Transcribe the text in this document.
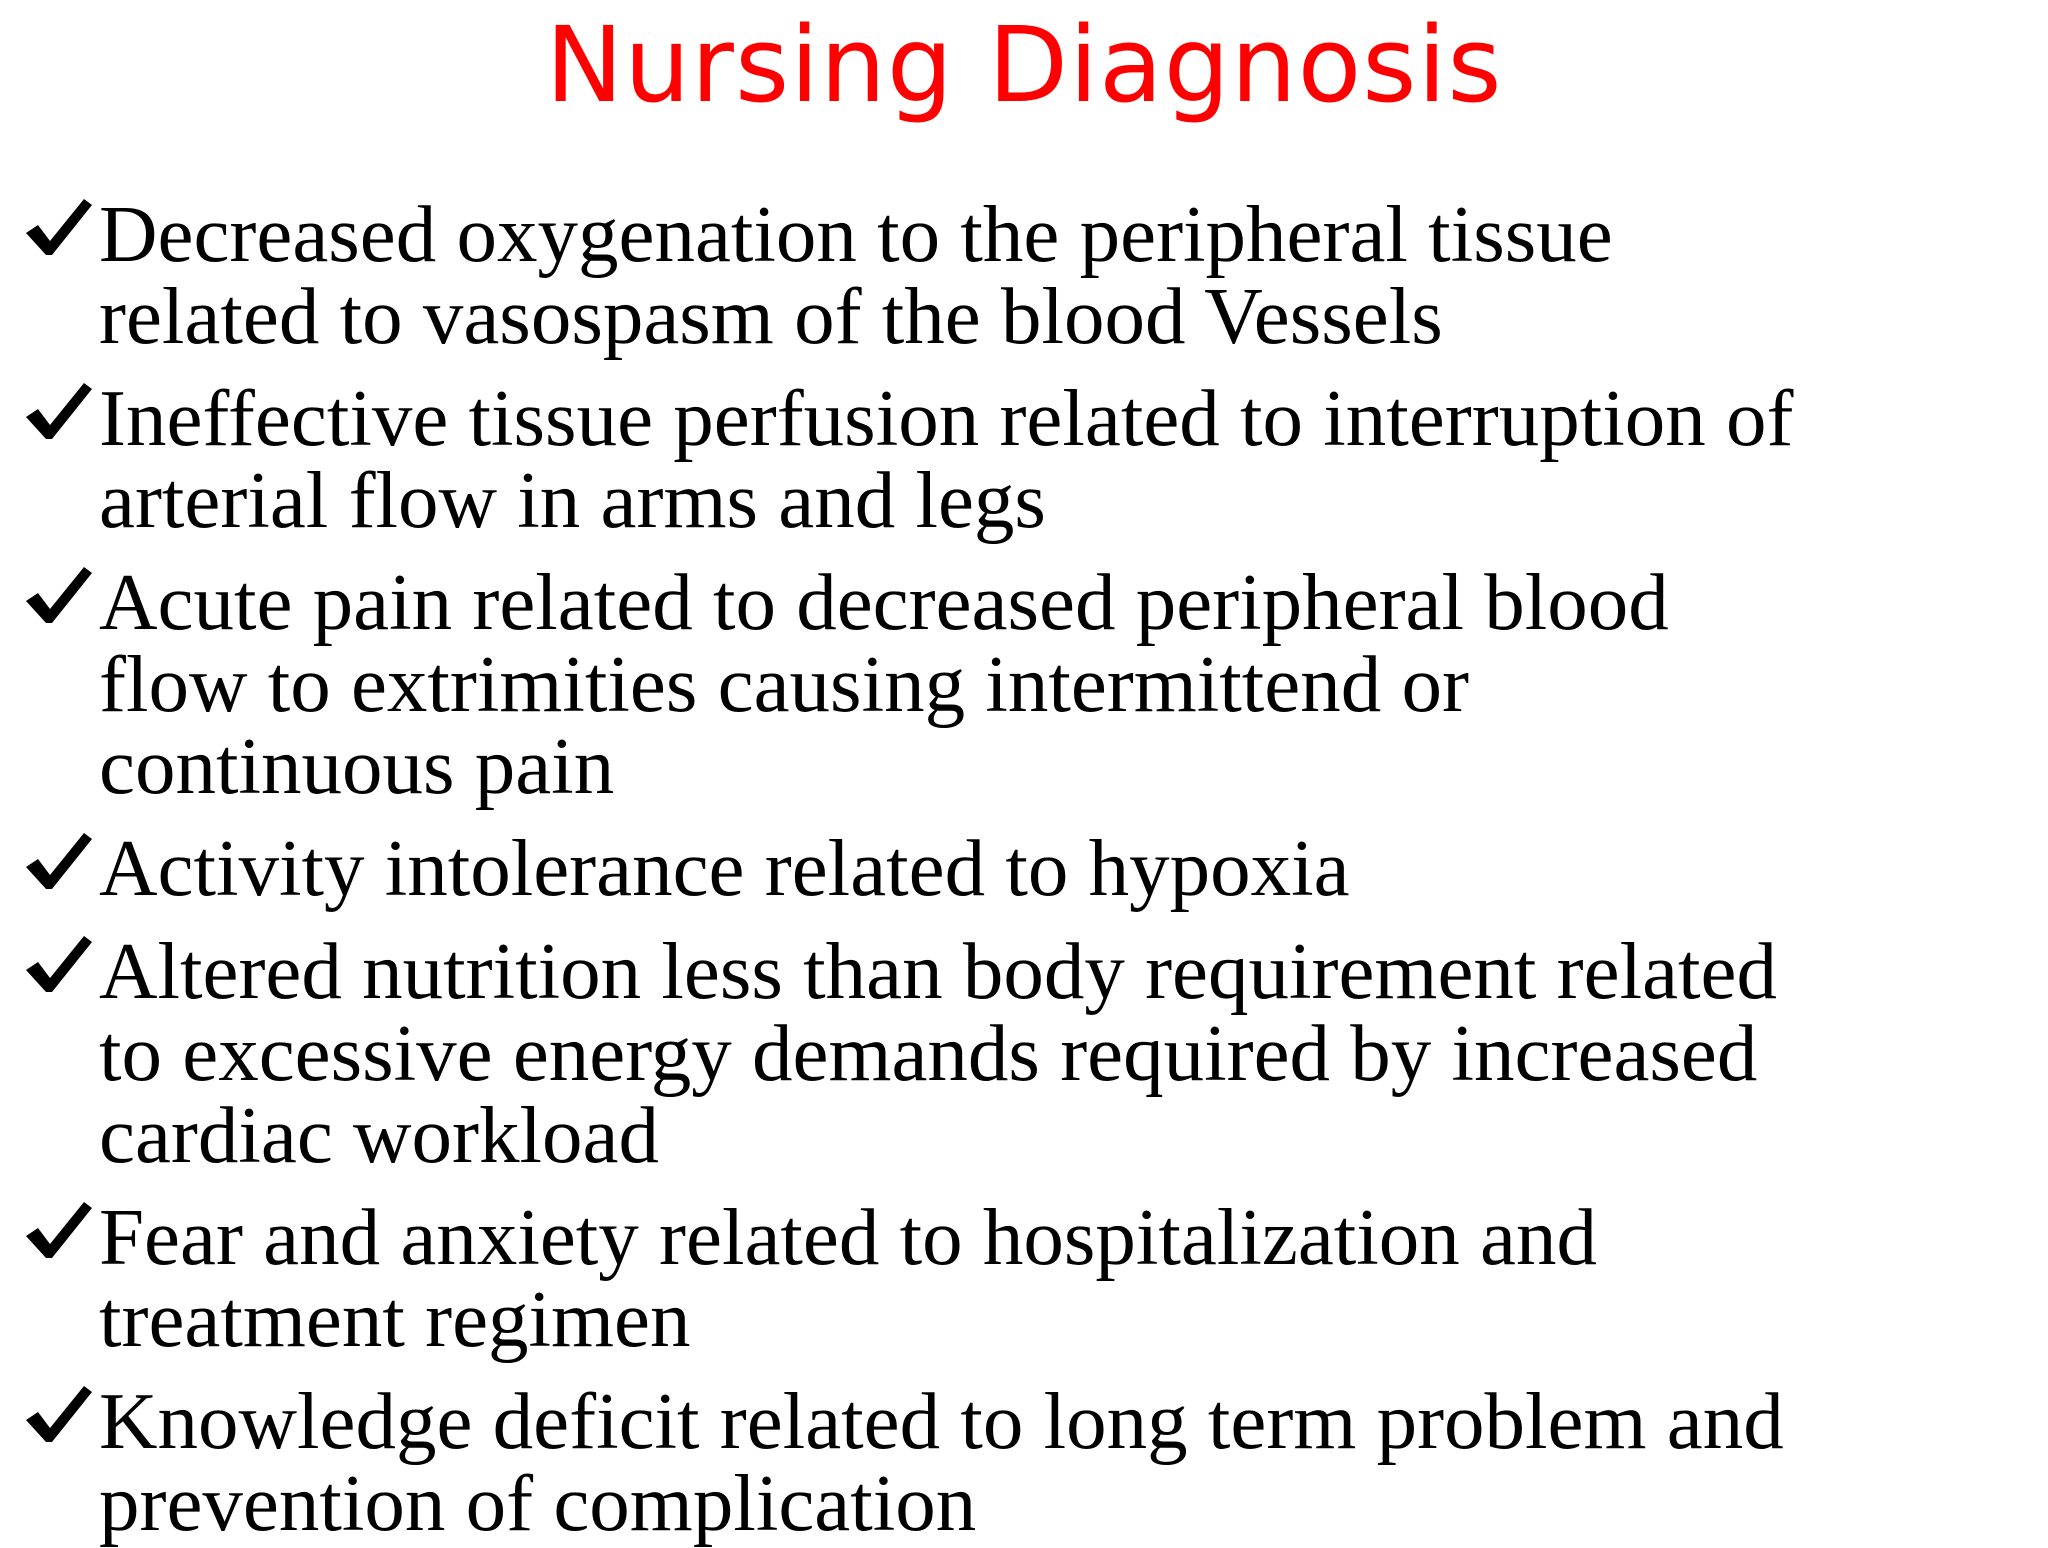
Nursing Diagnosis
Decreased oxygenation to the peripheral tissue
related to vasospasm of the blood Vessels
Ineffective tissue perfusion related to interruption of
arterial flow in arms and legs
Acute pain related to decreased peripheral blood
flow to extrimities causing intermittend or
continuous pain
Activity intolerance related to hypoxia
Altered nutrition less than body requirement related
to excessive energy demands required by increased
cardiac workload
Fear and anxiety related to hospitalization and
treatment regimen
Knowledge deficit related to long term problem and
prevention of complication
